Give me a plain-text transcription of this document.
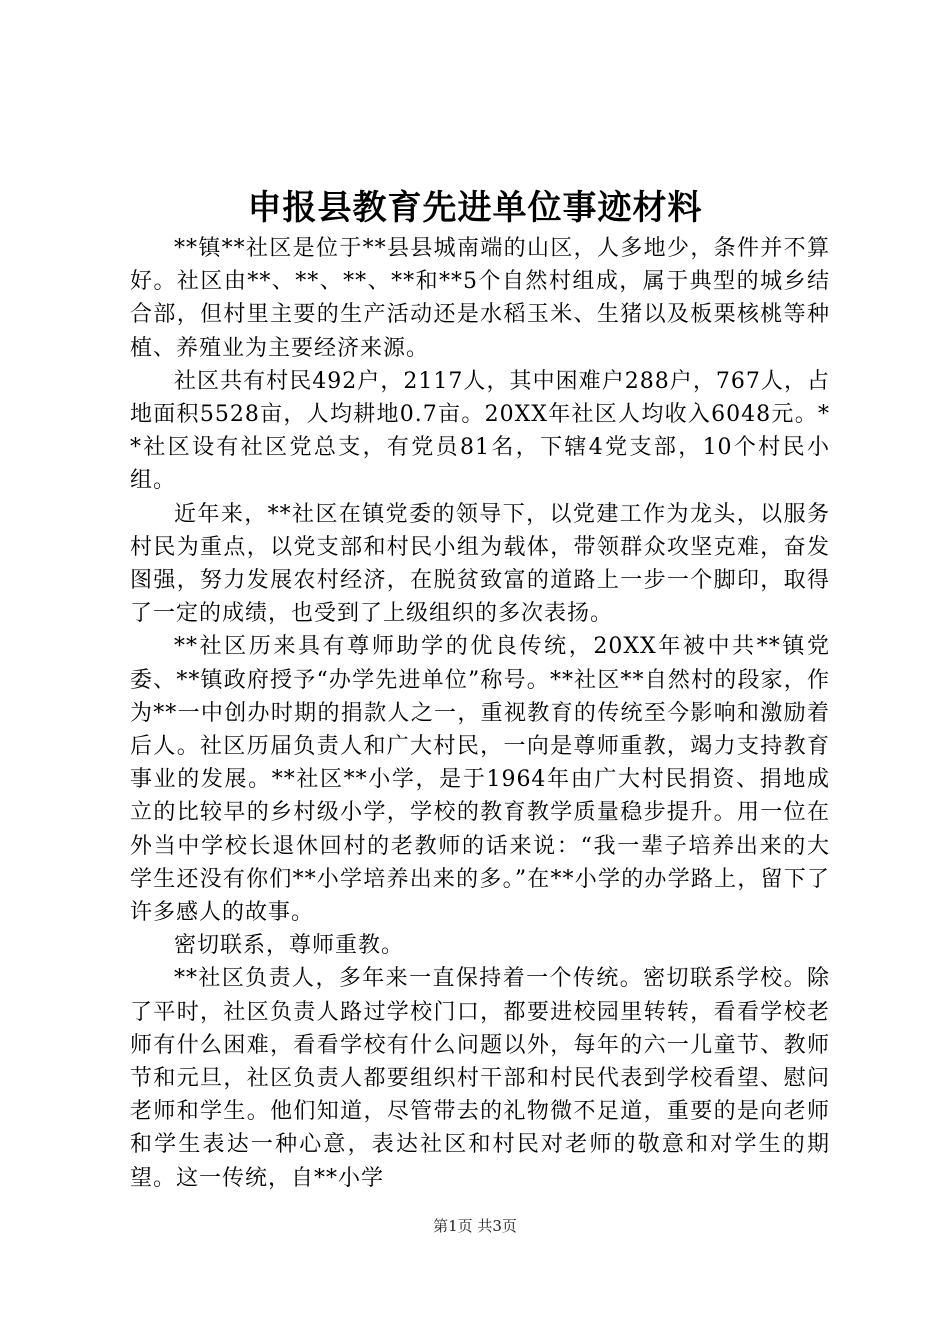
申报县教育先进单位事迹材料

**镇**社区是位于**县县城南端的山区，人多地少，条件并不算好。社区由**、**、**、**和**5个自然村组成，属于典型的城乡结合部，但村里主要的生产活动还是水稻玉米、生猪以及板栗核桃等种植、养殖业为主要经济来源。

社区共有村民492户，2117人，其中困难户288户，767人，占地面积5528亩，人均耕地0.7亩。20XX年社区人均收入6048元。**社区设有社区党总支，有党员81名，下辖4党支部，10个村民小组。

近年来，**社区在镇党委的领导下，以党建工作为龙头，以服务村民为重点，以党支部和村民小组为载体，带领群众攻坚克难，奋发图强，努力发展农村经济，在脱贫致富的道路上一步一个脚印，取得了一定的成绩，也受到了上级组织的多次表扬。

**社区历来具有尊师助学的优良传统，20XX年被中共**镇党委、**镇政府授予“办学先进单位”称号。**社区**自然村的段家，作为**一中创办时期的捐款人之一，重视教育的传统至今影响和激励着后人。社区历届负责人和广大村民，一向是尊师重教，竭力支持教育事业的发展。**社区**小学，是于1964年由广大村民捐资、捐地成立的比较早的乡村级小学，学校的教育教学质量稳步提升。用一位在外当中学校长退休回村的老教师的话来说：“我一辈子培养出来的大学生还没有你们**小学培养出来的多。”在**小学的办学路上，留下了许多感人的故事。

密切联系，尊师重教。

**社区负责人，多年来一直保持着一个传统。密切联系学校。除了平时，社区负责人路过学校门口，都要进校园里转转，看看学校老师有什么困难，看看学校有什么问题以外，每年的六一儿童节、教师节和元旦，社区负责人都要组织村干部和村民代表到学校看望、慰问老师和学生。他们知道，尽管带去的礼物微不足道，重要的是向老师和学生表达一种心意，表达社区和村民对老师的敬意和对学生的期望。这一传统，自**小学

第1页 共3页
